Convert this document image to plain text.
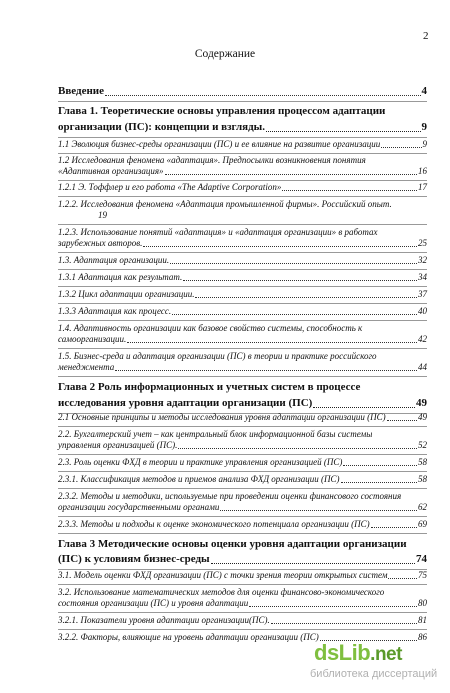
2
Содержание
Введение	4
Глава 1. Теоретические основы управления процессом адаптации
организации (ПС): концепции и взгляды.	9
1.1 Эволюция бизнес-среды организации (ПС) и ее влияние на развитие организации	9
1.2 Исследования феномена «адаптация». Предпосылки возникновения понятия
«Адаптивная организация»	16
1.2.1 Э. Тоффлер и его работа «The Adaptive Corporation»	17
1.2.2. Исследования феномена «Адаптация промышленной фирмы». Российский опыт.
19
1.2.3. Использование понятий «адаптация» и «адаптация организации» в работах
зарубежных авторов.	25
1.3. Адаптация организации.	32
1.3.1 Адаптация как результат.	34
1.3.2 Цикл адаптации организации.	37
1.3.3 Адаптация как процесс.	40
1.4. Адаптивность организации как базовое свойство системы, способность к
самоорганизации.	42
1.5. Бизнес-среда и адаптация организации (ПС) в теории и практике российского
менеджмента	44
Глава 2 Роль информационных и учетных систем в процессе
исследования уровня адаптации организации (ПС)	49
2.1 Основные принципы и методы исследования уровня адаптации организации (ПС)	49
2.2. Бухгалтерский учет – как центральный блок информационной базы системы
управления организацией (ПС).	52
2.3. Роль оценки ФХД в теории и практике управления организацией (ПС)	58
2.3.1. Классификация методов и приемов анализа ФХД организации (ПС)	58
2.3.2. Методы и методики, используемые при проведении оценки финансового состояния
организации государственными органами	62
2.3.3. Методы и подходы к оценке экономического потенциала организации (ПС)	69
Глава 3 Методические основы оценки уровня адаптации организации
(ПС) к условиям бизнес-среды	74
3.1. Модель оценки ФХД организации (ПС) с точки зрения теории открытых систем	75
3.2. Использование математических методов для оценки финансово-экономического
состояния организации (ПС) и уровня адаптации	80
3.2.1. Показатели уровня адаптации организации(ПС).	81
3.2.2. Факторы, влияющие на уровень адаптации организации (ПС)	86
dsLib.net
библиотека диссертаций
